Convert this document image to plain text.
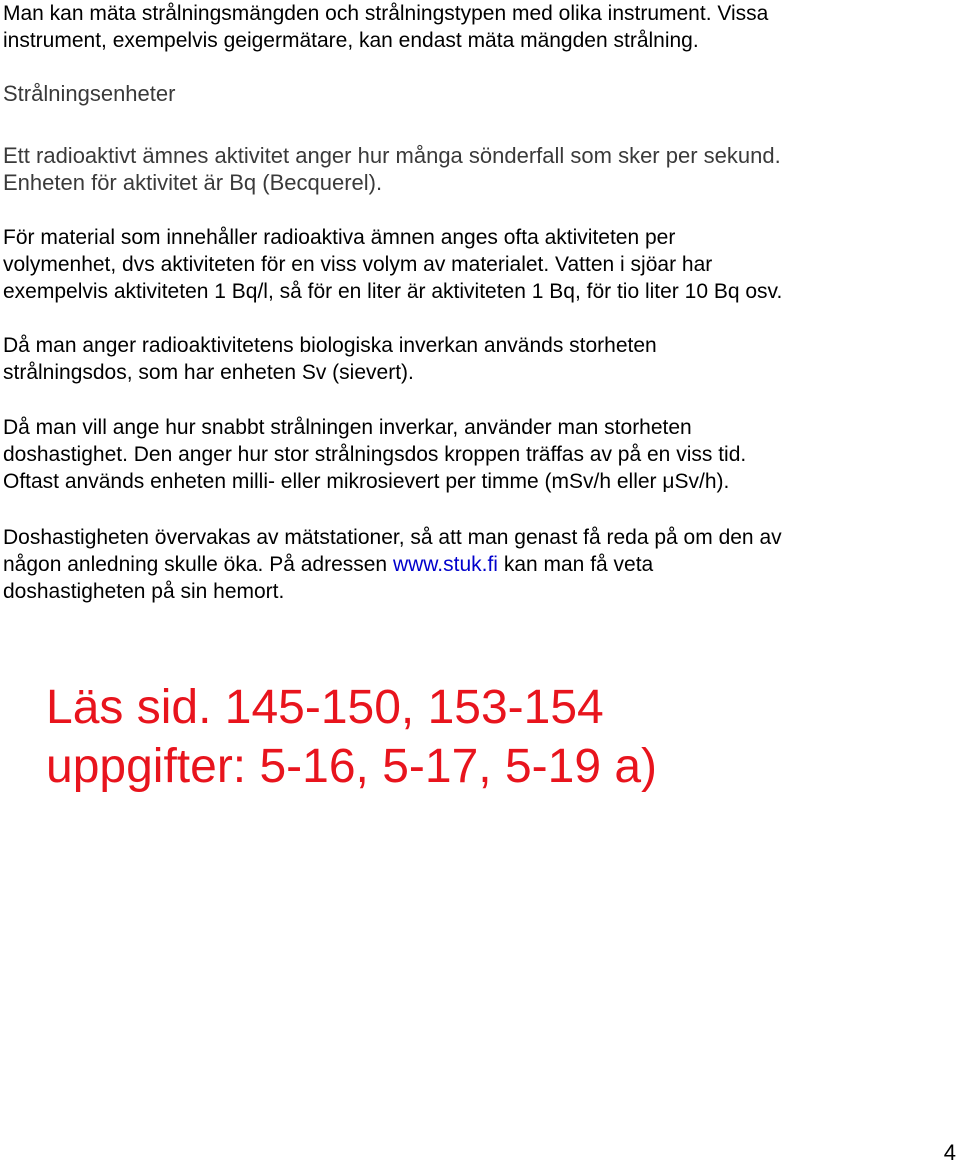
Man kan mäta strålningsmängden och strålningstypen med olika instrument. Vissa
instrument, exempelvis geigermätare, kan endast mäta mängden strålning.

Strålningsenheter

Ett radioaktivt ämnes aktivitet anger hur många sönderfall som sker per sekund.
Enheten för aktivitet är Bq (Becquerel).

För material som innehåller radioaktiva ämnen anges ofta aktiviteten per
volymenhet, dvs aktiviteten för en viss volym av materialet. Vatten i sjöar har
exempelvis aktiviteten 1 Bq/l, så för en liter är aktiviteten 1 Bq, för tio liter 10 Bq osv.

Då man anger radioaktivitetens biologiska inverkan används storheten
strålningsdos, som har enheten Sv (sievert).

Då man vill ange hur snabbt strålningen inverkar, använder man storheten
doshastighet. Den anger hur stor strålningsdos kroppen träffas av på en viss tid.
Oftast används enheten milli- eller mikrosievert per timme (mSv/h eller μSv/h).

Doshastigheten övervakas av mätstationer, så att man genast få reda på om den av
någon anledning skulle öka. På adressen www.stuk.fi kan man få veta
doshastigheten på sin hemort.

Läs sid. 145-150, 153-154
uppgifter: 5-16, 5-17, 5-19 a)

4
